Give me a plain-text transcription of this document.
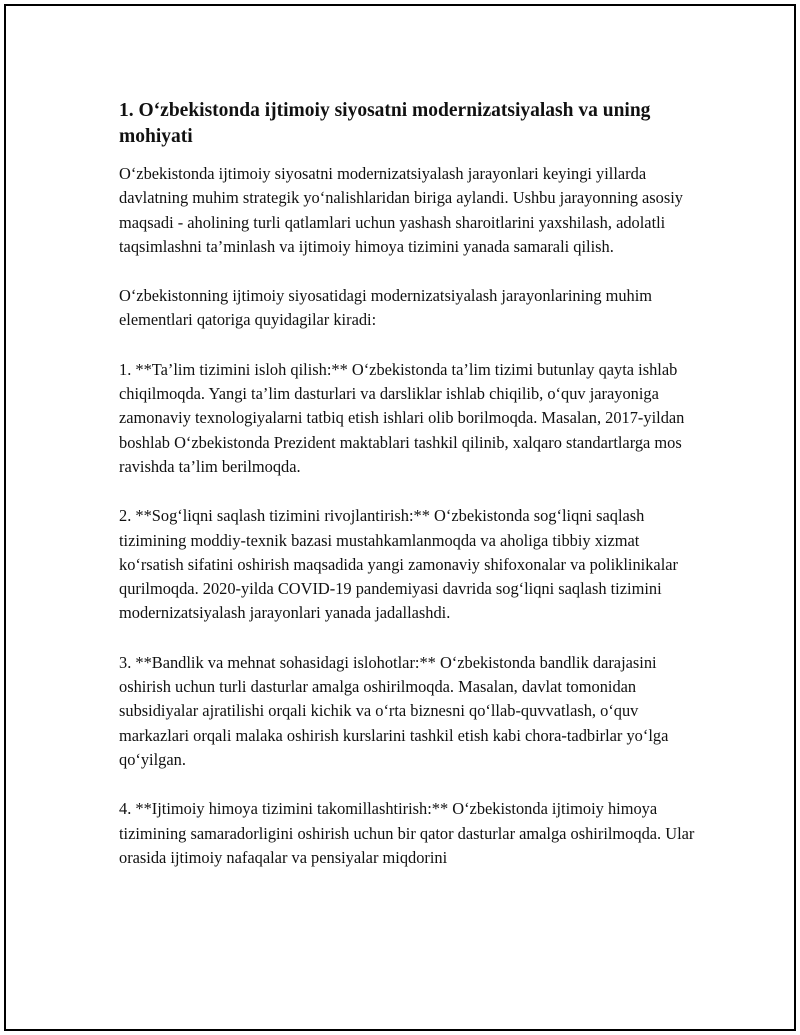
1. O‘zbekistonda ijtimoiy siyosatni modernizatsiyalash va uning mohiyati

O‘zbekistonda ijtimoiy siyosatni modernizatsiyalash jarayonlari keyingi yillarda davlatning muhim strategik yo‘nalishlaridan biriga aylandi. Ushbu jarayonning asosiy maqsadi - aholining turli qatlamlari uchun yashash sharoitlarini yaxshilash, adolatli taqsimlashni ta’minlash va ijtimoiy himoya tizimini yanada samarali qilish.

O‘zbekistonning ijtimoiy siyosatidagi modernizatsiyalash jarayonlarining muhim elementlari qatoriga quyidagilar kiradi:

1. **Ta’lim tizimini isloh qilish:** O‘zbekistonda ta’lim tizimi butunlay qayta ishlab chiqilmoqda. Yangi ta’lim dasturlari va darsliklar ishlab chiqilib, o‘quv jarayoniga zamonaviy texnologiyalarni tatbiq etish ishlari olib borilmoqda. Masalan, 2017-yildan boshlab O‘zbekistonda Prezident maktablari tashkil qilinib, xalqaro standartlarga mos ravishda ta’lim berilmoqda.

2. **Sog‘liqni saqlash tizimini rivojlantirish:** O‘zbekistonda sog‘liqni saqlash tizimining moddiy-texnik bazasi mustahkamlanmoqda va aholiga tibbiy xizmat ko‘rsatish sifatini oshirish maqsadida yangi zamonaviy shifoxonalar va poliklinikalar qurilmoqda. 2020-yilda COVID-19 pandemiyasi davrida sog‘liqni saqlash tizimini modernizatsiyalash jarayonlari yanada jadallashdi.

3. **Bandlik va mehnat sohasidagi islohotlar:** O‘zbekistonda bandlik darajasini oshirish uchun turli dasturlar amalga oshirilmoqda. Masalan, davlat tomonidan subsidiyalar ajratilishi orqali kichik va o‘rta biznesni qo‘llab-quvvatlash, o‘quv markazlari orqali malaka oshirish kurslarini tashkil etish kabi chora-tadbirlar yo‘lga qo‘yilgan.

4. **Ijtimoiy himoya tizimini takomillashtirish:** O‘zbekistonda ijtimoiy himoya tizimining samaradorligini oshirish uchun bir qator dasturlar amalga oshirilmoqda. Ular orasida ijtimoiy nafaqalar va pensiyalar miqdorini
